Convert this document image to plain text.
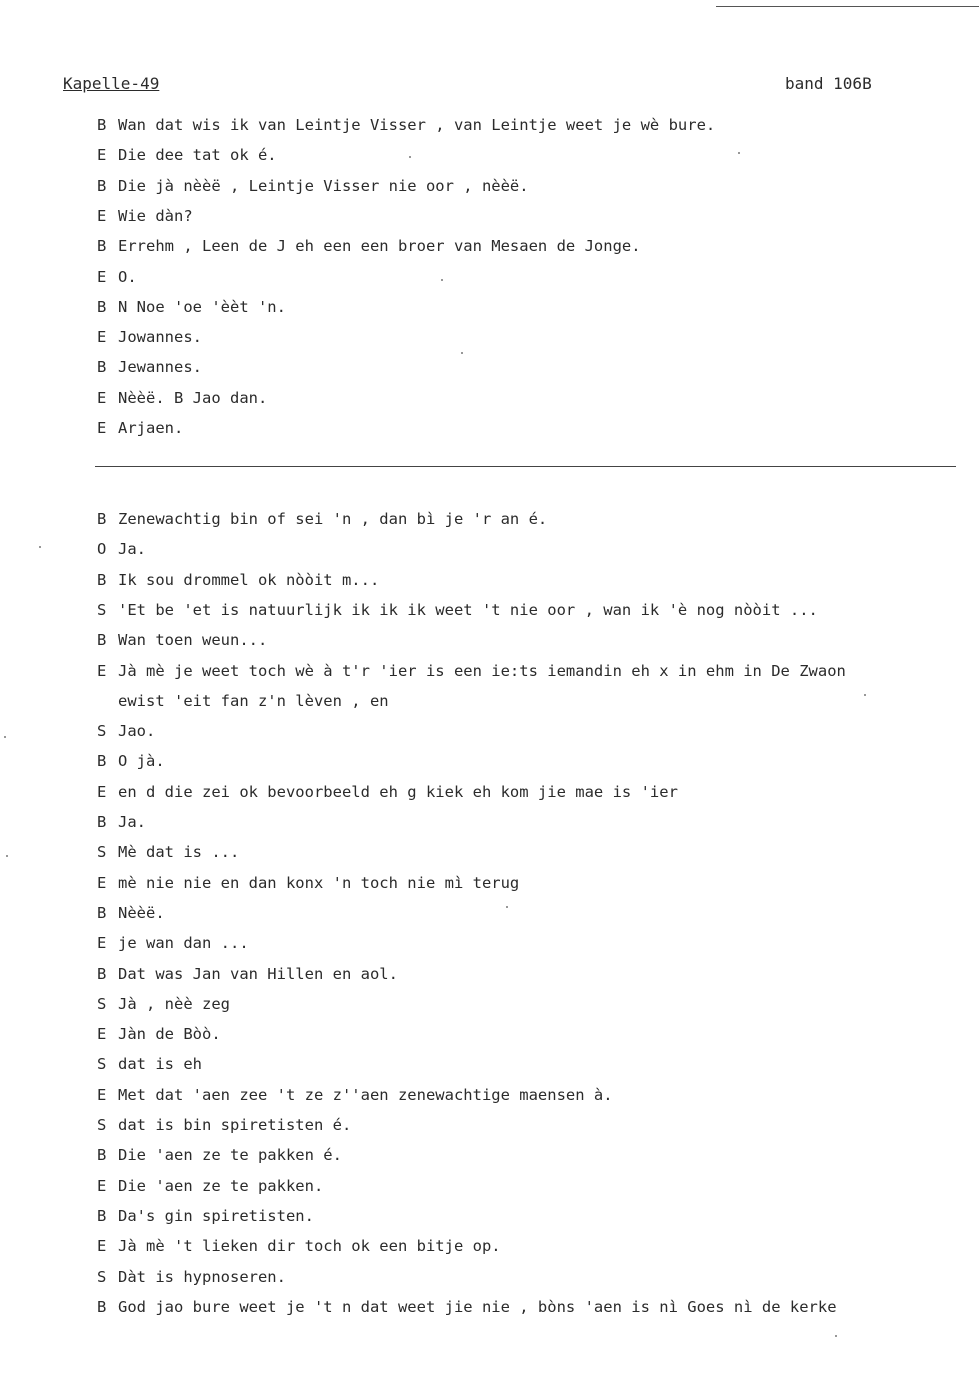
Kapelle-49	band 106B
B Wan dat wis ik van Leintje Visser , van Leintje weet je wè bure.
E Die dee tat ok é.
B Die jà nèèë , Leintje Visser nie oor , nèèë.
E Wie dàn?
B Errehm , Leen de J eh een een broer van Mesaen de Jonge.
E O.
B N Noe 'oe 'èèt 'n.
E Jowannes.
B Jewannes.
E Nèèë. B Jao dan.
E Arjaen.
B Zenewachtig bin of sei 'n , dan bì je 'r an é.
O Ja.
B Ik sou drommel ok nòòit m...
S 'Et be 'et is natuurlijk ik ik ik weet 't nie oor , wan ik 'è nog nòòit ...
B Wan toen weun...
E Jà mè je weet toch wè à t'r 'ier is een ie:ts iemandin eh x in ehm in De Zwaon
ewist 'eit fan z'n lèven , en
S Jao.
B O jà.
E en d die zei ok bevoorbeeld eh g kiek eh kom jie mae is 'ier
B Ja.
S Mè dat is ...
E mè nie nie en dan konx 'n toch nie mì terug
B Nèèë.
E je wan dan ...
B Dat was Jan van Hillen en aol.
S Jà , nèè zeg
E Jàn de Bòò.
S dat is eh
E Met dat 'aen zee 't ze z''aen zenewachtige maensen à.
S dat is bin spiretisten é.
B Die 'aen ze te pakken é.
E Die 'aen ze te pakken.
B Da's gin spiretisten.
E Jà mè 't lieken dir toch ok een bitje op.
S Dàt is hypnoseren.
B God jao bure weet je 't n dat weet jie nie , bòns 'aen is nì Goes nì de kerke
